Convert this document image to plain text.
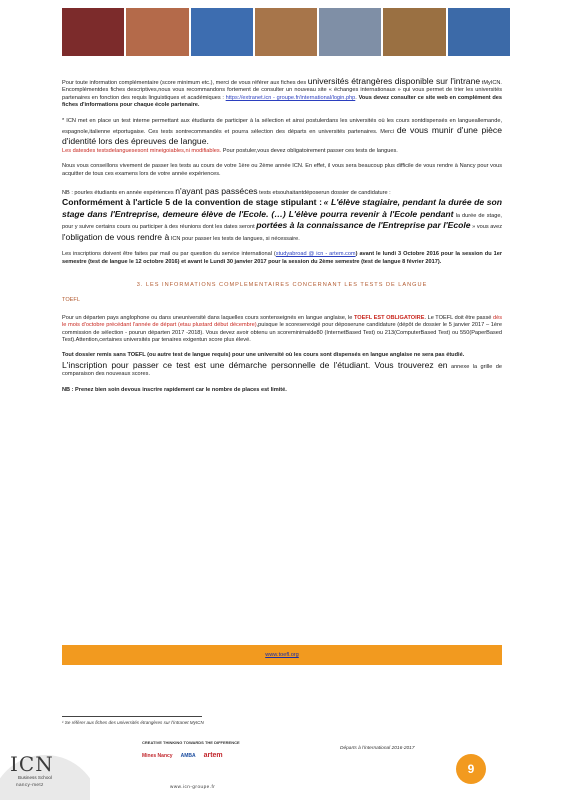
Pour toute information complémentaire (score minimum etc.), merci de vous référer aux fiches des universités étrangères disponible sur l'intrane tMyICN. Encomplémentdes fiches descriptives,nous vous recommandons fortement de consulter un nouveau site « échanges internationaux » qui vous permet de trier les universités partenaires en fonction des requis linguistiques et académiques : https://extranet.icn - groupe.fr/international/login.php. Vous devez consulter ce site web en complément des fiches d'informations pour chaque école partenaire.

* ICN met en place un test interne permettant aux étudiants de participer à la sélection et ainsi postulerdans les universités où les cours sontdispensés en langueallemande, espagnole,italienne etportugaise. Ces tests sontrecommandés et pourra sélection des départs en universités partenaires. Merci de vous munir d'une pièce d'identité lors des épreuves de langue.
Les datesdes testsdelanguesesont mineigoiables,ni modifiables. Pour postuler,vous devez obligatoirement passer ces tests de langues.

Nous vous conseillons vivement de passer les tests au cours de votre 1ère ou 2ème année ICN. En effet, il vous sera beaucoup plus difficile de vous rendre à Nancy pour vous acquitter de tous ces examens lors de votre année expériences.

NB : pourles étudiants en année expériences n'ayant pas passéces tests etsouhaitantdéposerun dossier de candidature :
Conformément à l'article 5 de la convention de stage stipulant : « L'élève stagiaire, pendant la durée de son stage dans l'Entreprise, demeure élève de l'Ecole. (…) L'élève pourra revenir à l'Ecole pendant la durée de stage, pour y suivre certains cours ou participer à des réunions dont les dates seront portées à la connaissance de l'Entreprise par l'Ecole » vous avez l'obligation de vous rendre à ICN pour passer les tests de langues, si nécessaire.

Les inscriptions doivent être faites par mail ou par question du service international (studyabroad @ icn - artem.com) avant le lundi 3 Octobre 2016 pour la session du 1er semestre (test de langue le 12 octobre 2016) et avant le Lundi 30 janvier 2017 pour la session du 2ème semestre (test de langue 8 février 2017).

3. LES INFORMATIONS COMPLEMENTAIRES CONCERNANT LES TESTS DE LANGUE
TOEFL

Pour un départen pays anglophone ou dans uneuniversité dans laquelles cours sontenseignés en langue anglaise, le TOEFL EST OBLIGATOIRE. Le TOEFL doit être passé dès le mois d'octobre précédant l'année de départ (etau plustard début décembre),puisque le scoreserexigé pour déposerune candidature (dépôt de dossier le 5 janvier 2017 – 1ère commission de sélection - pourun départen 2017 -2018). Vous devez avoir obtenu un scoreminimalde80 (InternetBased Test) ou 213(ComputerBased Test) ou 550(PaperBased Test).Attention,certaines universités par tenaires exigentun score plus élevé.

Tout dossier remis sans TOEFL (ou autre test de langue requis) pour une université où les cours sont dispensés en langue anglaise ne sera pas étudié.
L'inscription pour passer ce test est une démarche personnelle de l'étudiant. Vous trouverez en annexe la grille de comparaison des nouveaux scores.

NB : Prenez bien soin devous inscrire rapidement car le nombre de places est limité.

www.toefl.org
¹ Se référer aux fiches des universités étrangères sur l'intranet MyICN
ICN
Business School
nancy-metz
CREATIVE THINKING TOWARDS THE DIFFERENCE
Mines Nancy AMBA artem
www.icn-groupe.fr
Départs à l'international 2016-2017
9
